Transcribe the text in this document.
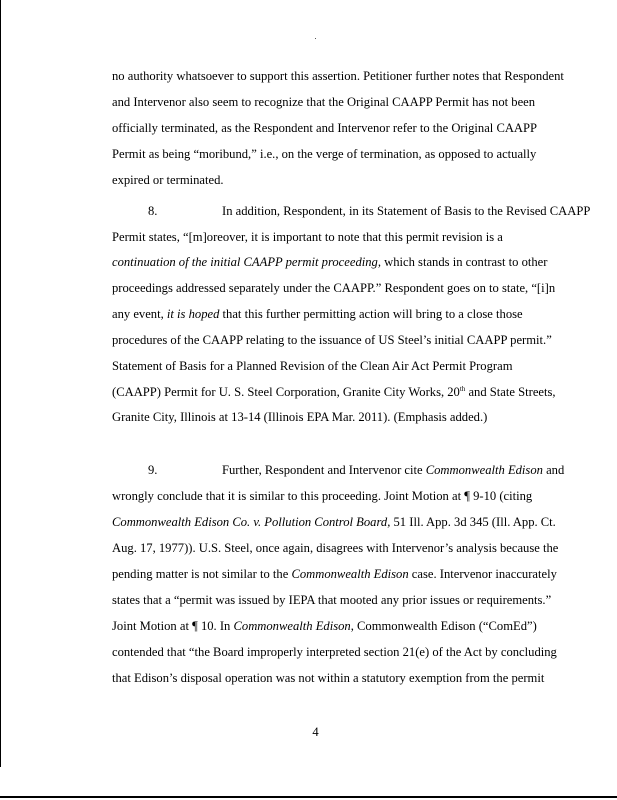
no authority whatsoever to support this assertion. Petitioner further notes that Respondent
and Intervenor also seem to recognize that the Original CAAPP Permit has not been
officially terminated, as the Respondent and Intervenor refer to the Original CAAPP
Permit as being “moribund,” i.e., on the verge of termination, as opposed to actually
expired or terminated.
8.	In addition, Respondent, in its Statement of Basis to the Revised CAAPP
Permit states, “[m]oreover, it is important to note that this permit revision is a
continuation of the initial CAAPP permit proceeding, which stands in contrast to other
proceedings addressed separately under the CAAPP.” Respondent goes on to state, “[i]n
any event, it is hoped that this further permitting action will bring to a close those
procedures of the CAAPP relating to the issuance of US Steel’s initial CAAPP permit.”
Statement of Basis for a Planned Revision of the Clean Air Act Permit Program
(CAAPP) Permit for U. S. Steel Corporation, Granite City Works, 20th and State Streets,
Granite City, Illinois at 13-14 (Illinois EPA Mar. 2011). (Emphasis added.)
9.	Further, Respondent and Intervenor cite Commonwealth Edison and
wrongly conclude that it is similar to this proceeding. Joint Motion at ¶ 9-10 (citing
Commonwealth Edison Co. v. Pollution Control Board, 51 Ill. App. 3d 345 (Ill. App. Ct.
Aug. 17, 1977)). U.S. Steel, once again, disagrees with Intervenor’s analysis because the
pending matter is not similar to the Commonwealth Edison case. Intervenor inaccurately
states that a “permit was issued by IEPA that mooted any prior issues or requirements.”
Joint Motion at ¶ 10. In Commonwealth Edison, Commonwealth Edison (“ComEd”)
contended that “the Board improperly interpreted section 21(e) of the Act by concluding
that Edison’s disposal operation was not within a statutory exemption from the permit
4
